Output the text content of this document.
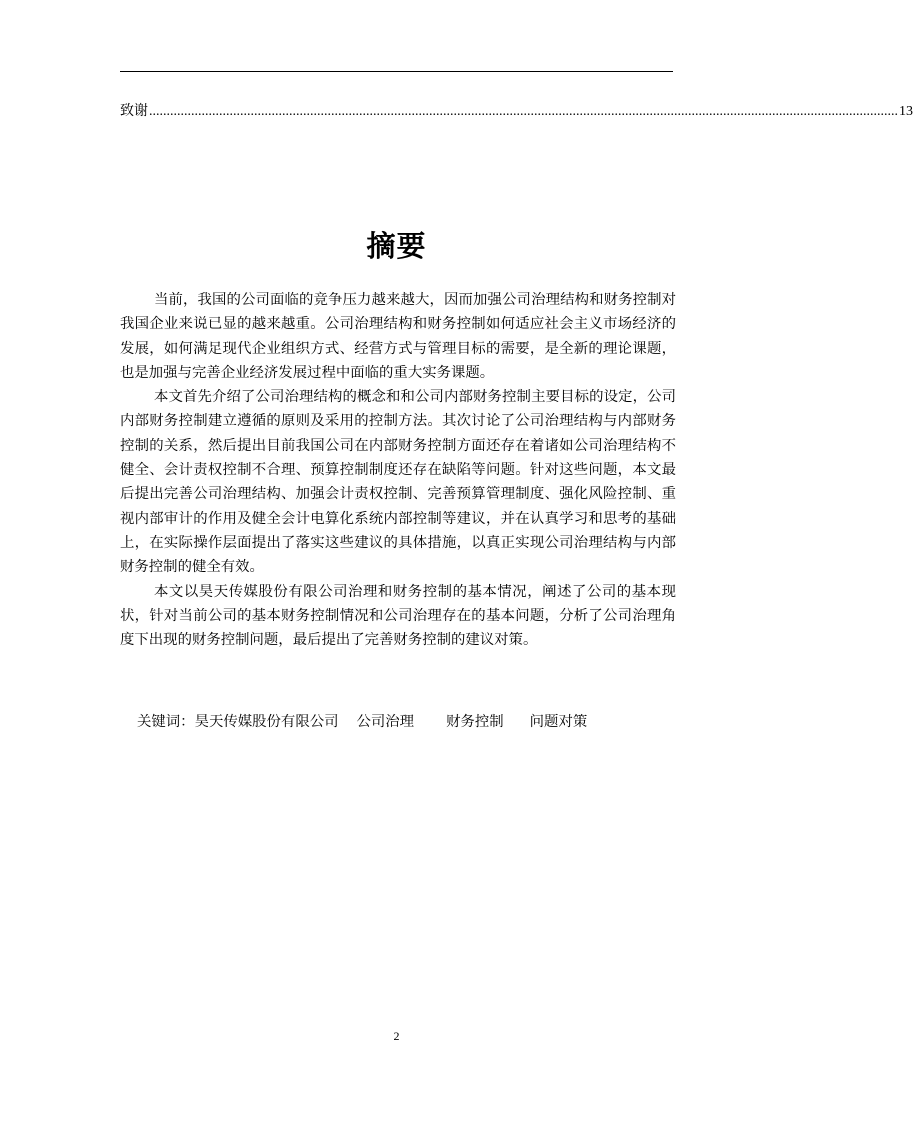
致谢 ...................................................................................................................................................................................................................... 13
摘要

当前，我国的公司面临的竞争压力越来越大，因而加强公司治理结构和财务控制对我国企业来说已显的越来越重。公司治理结构和财务控制如何适应社会主义市场经济的发展，如何满足现代企业组织方式、经营方式与管理目标的需要，是全新的理论课题，也是加强与完善企业经济发展过程中面临的重大实务课题。

本文首先介绍了公司治理结构的概念和和公司内部财务控制主要目标的设定，公司内部财务控制建立遵循的原则及采用的控制方法。其次讨论了公司治理结构与内部财务控制的关系，然后提出目前我国公司在内部财务控制方面还存在着诸如公司治理结构不健全、会计责权控制不合理、预算控制制度还存在缺陷等问题。针对这些问题，本文最后提出完善公司治理结构、加强会计责权控制、完善预算管理制度、强化风险控制、重视内部审计的作用及健全会计电算化系统内部控制等建议，并在认真学习和思考的基础上，在实际操作层面提出了落实这些建议的具体措施，以真正实现公司治理结构与内部财务控制的健全有效。

本文以昊天传媒股份有限公司治理和财务控制的基本情况，阐述了公司的基本现状，针对当前公司的基本财务控制情况和公司治理存在的基本问题，分析了公司治理角度下出现的财务控制问题，最后提出了完善财务控制的建议对策。

关键词：昊天传媒股份有限公司 公司治理 财务控制 问题对策
2
